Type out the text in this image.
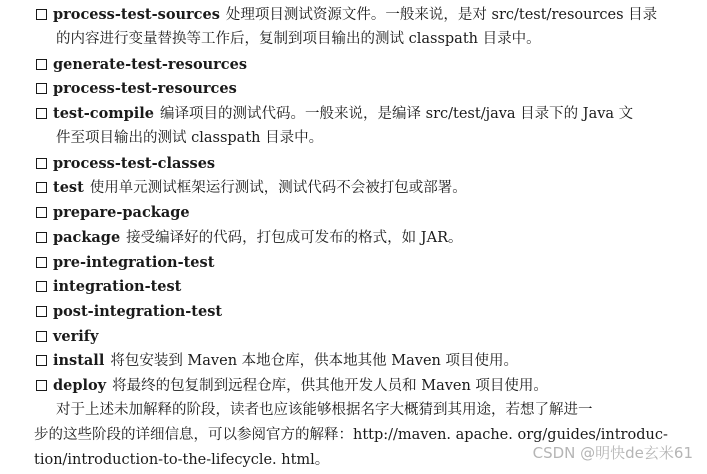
process-test-sources 处理项目测试资源文件。一般来说，是对 src/test/resources 目录
的内容进行变量替换等工作后，复制到项目输出的测试 classpath 目录中。
generate-test-resources
process-test-resources
test-compile 编译项目的测试代码。一般来说，是编译 src/test/java 目录下的 Java 文
件至项目输出的测试 classpath 目录中。
process-test-classes
test 使用单元测试框架运行测试，测试代码不会被打包或部署。
prepare-package
package 接受编译好的代码，打包成可发布的格式，如 JAR。
pre-integration-test
integration-test
post-integration-test
verify
install 将包安装到 Maven 本地仓库，供本地其他 Maven 项目使用。
deploy 将最终的包复制到远程仓库，供其他开发人员和 Maven 项目使用。
对于上述未加解释的阶段，读者也应该能够根据名字大概猜到其用途，若想了解进一
步的这些阶段的详细信息，可以参阅官方的解释：http://maven. apache. org/guides/introduc-
tion/introduction-to-the-lifecycle. html。	CSDN @明快de玄米61
